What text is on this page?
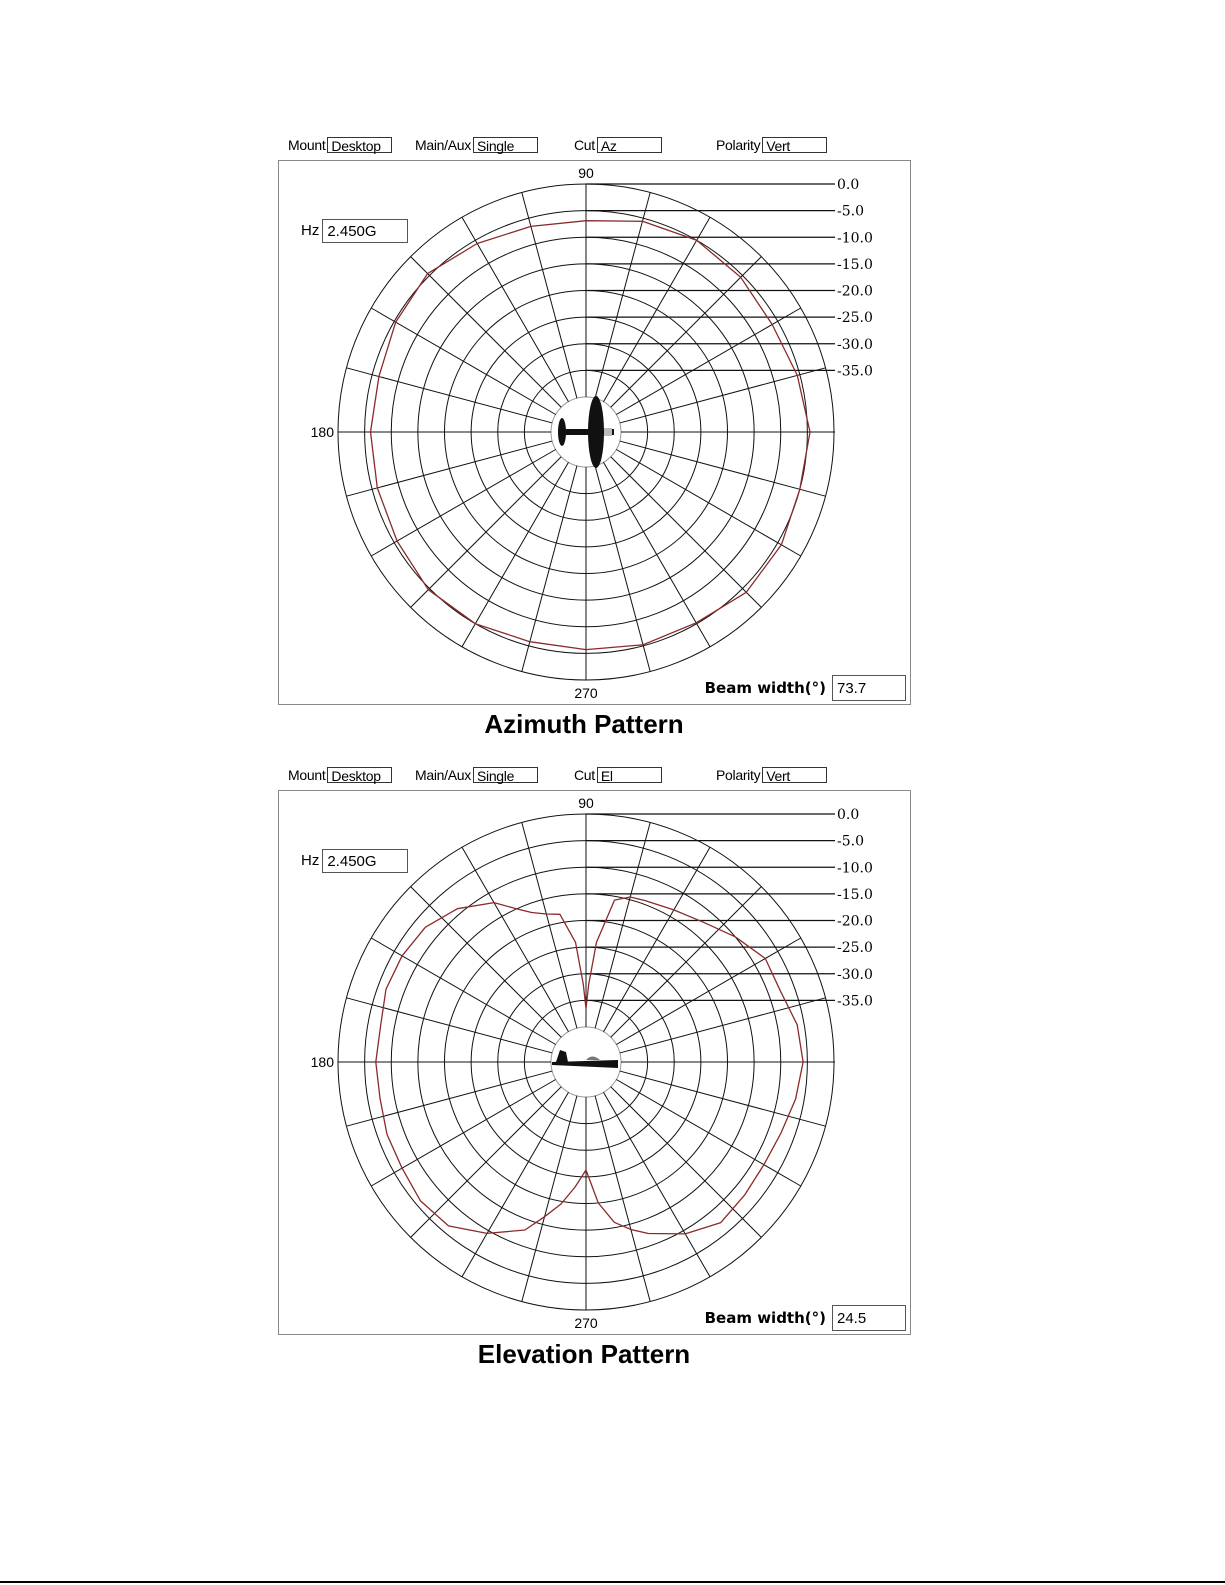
Mount Desktop	Main/Aux Single	Cut Az	Polarity Vert
0.0
-5.0
-10.0
-15.0
-20.0
-25.0
-30.0
-35.0
90
180
270
Hz 2.450G
Beam width(°) 73.7
Azimuth Pattern
Mount Desktop	Main/Aux Single	Cut El	Polarity Vert
0.0
-5.0
-10.0
-15.0
-20.0
-25.0
-30.0
-35.0
90
180
270
Hz 2.450G
Beam width(°) 24.5
Elevation Pattern
